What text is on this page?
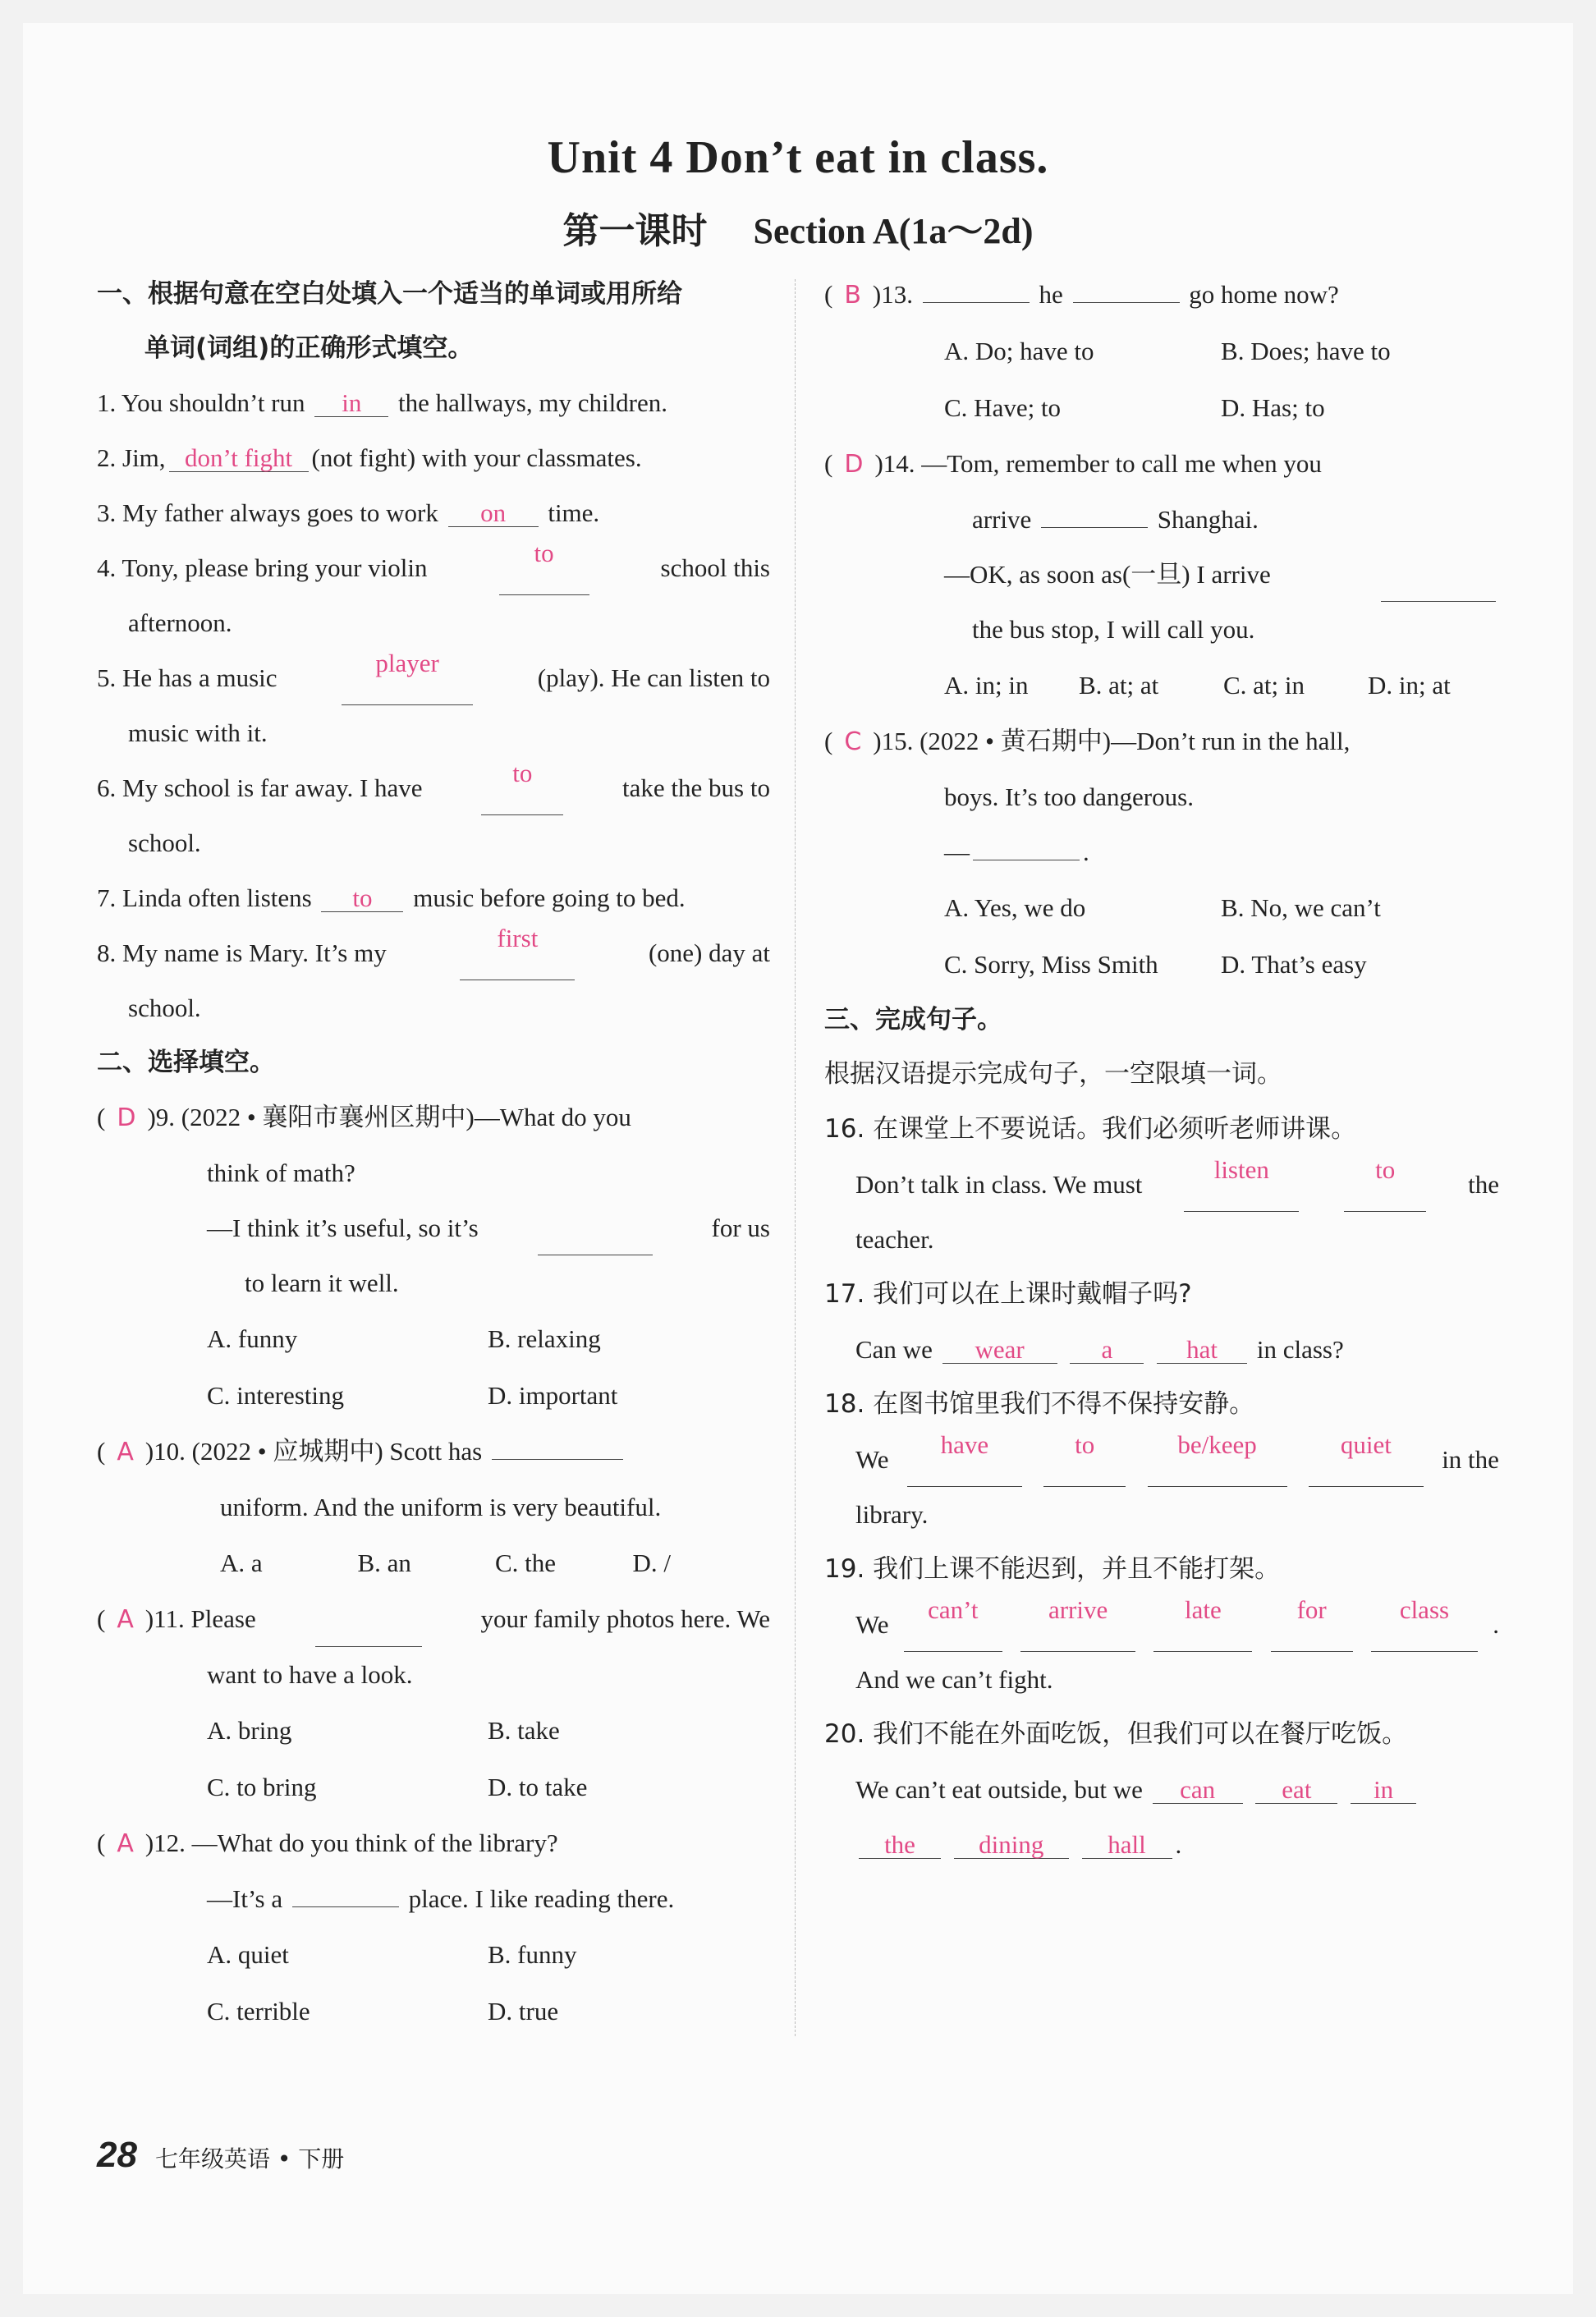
Unit 4 Don’t eat in class.
第一课时 Section A(1a～2d)
一、根据句意在空白处填入一个适当的单词或用所给
单词(词组)的正确形式填空。
1. You shouldn’t run in the hallways, my children.
2. Jim, don’t fight (not fight) with your classmates.
3. My father always goes to work on time.
4. Tony, please bring your violin
to
school this
afternoon.
5. He has a music
player
(play). He can listen to
music with it.
6. My school is far away. I have
to
take the bus to
school.
7. Linda often listens to music before going to bed.
8. My name is Mary. It’s my
first
(one) day at
school.
二、选择填空。
( D )9. (2022 • 襄阳市襄州区期中)—What do you
think of math?
—I think it’s useful, so it’s	for us
to learn it well.
A. funny	B. relaxing
C. interesting	D. important
( A )10. (2022 • 应城期中) Scott has
uniform. And the uniform is very beautiful.
A. a	B. an	C. the	D. /
( A )11. Please	your family photos here. We
want to have a look.
A. bring	B. take
C. to bring	D. to take
( A )12. —What do you think of the library?
—It’s a	place. I like reading there.
A. quiet	B. funny
C. terrible	D. true
( B )13.	he	go home now?
A. Do; have to	B. Does; have to
C. Have; to	D. Has; to
( D )14. —Tom, remember to call me when you
arrive	Shanghai.
—OK, as soon as(一旦) I arrive
the bus stop, I will call you.
A. in; in	B. at; at	C. at; in	D. in; at
( C )15. (2022 • 黄石期中)—Don’t run in the hall,
boys. It’s too dangerous.
—	.
A. Yes, we do	B. No, we can’t
C. Sorry, Miss Smith	D. That’s easy
三、完成句子。
根据汉语提示完成句子，一空限填一词。
16. 在课堂上不要说话。我们必须听老师讲课。
Don’t talk in class. We must
listen	to
the
teacher.
17. 我们可以在上课时戴帽子吗?
Can we wear	a	hat in class?
18. 在图书馆里我们不得不保持安静。
We
have	to	be/keep	quiet
in the
library.
19. 我们上课不能迟到，并且不能打架。
We
can’t	arrive	late	for	class
.
And we can’t fight.
20. 我们不能在外面吃饭，但我们可以在餐厅吃饭。
We can’t eat outside, but we can	eat in
the dining	hall .
28 七年级英语 • 下册
